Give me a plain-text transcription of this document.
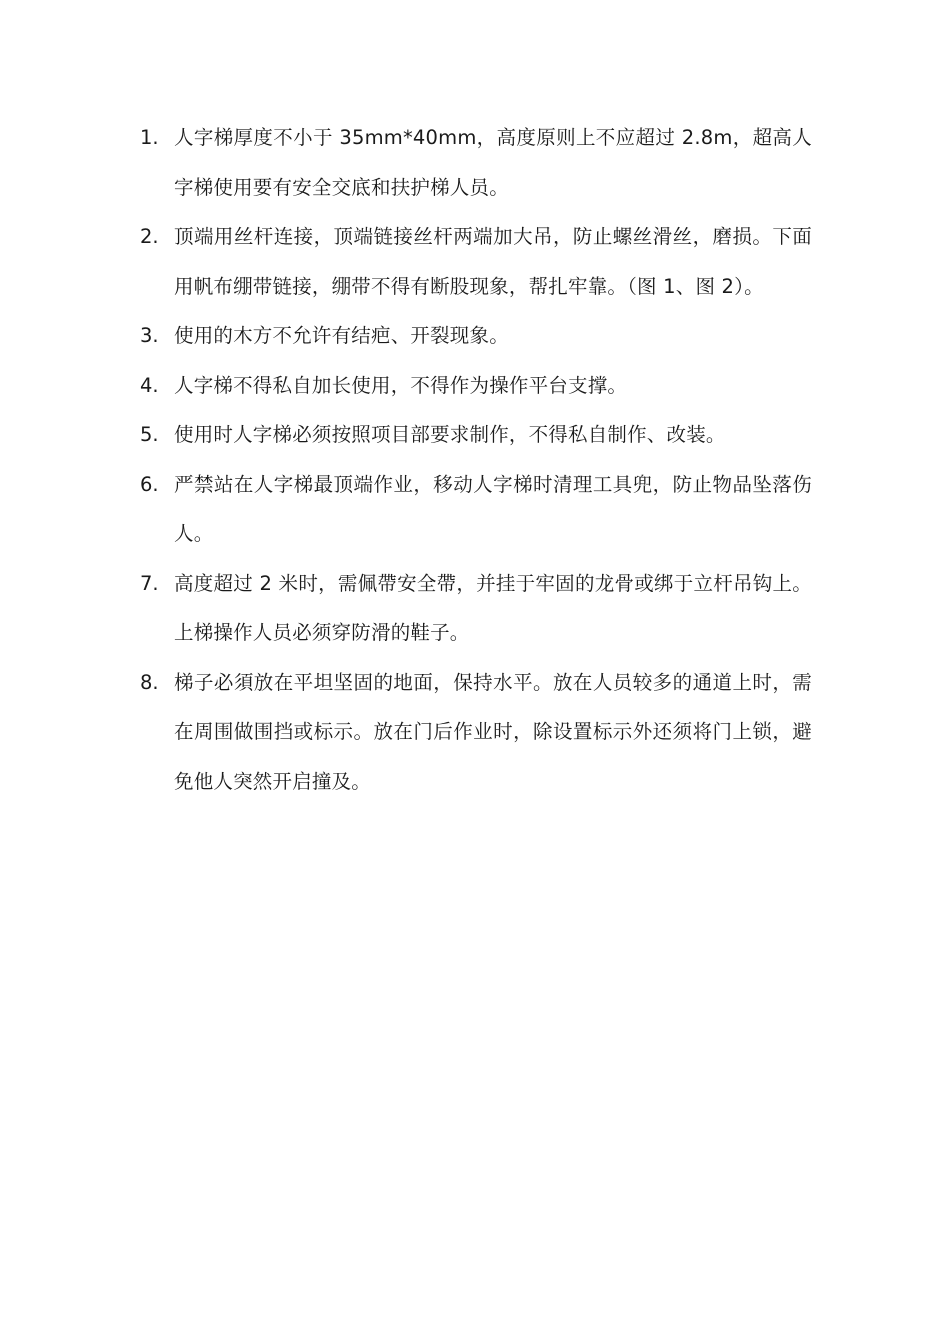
1. 人字梯厚度不小于 35mm*40mm，高度原则上不应超过 2.8m，超高人字梯使用要有安全交底和扶护梯人员。
2. 顶端用丝杆连接，顶端链接丝杆两端加大吊，防止螺丝滑丝，磨损。下面用帆布绷带链接，绷带不得有断股现象，帮扎牢靠。（图 1、图 2）。
3. 使用的木方不允许有结疤、开裂现象。
4. 人字梯不得私自加长使用，不得作为操作平台支撑。
5. 使用时人字梯必须按照项目部要求制作，不得私自制作、改装。
6. 严禁站在人字梯最顶端作业，移动人字梯时清理工具兜，防止物品坠落伤人。
7. 高度超过 2 米时，需佩帶安全帶，并挂于牢固的龙骨或绑于立杆吊钩上。上梯操作人员必须穿防滑的鞋子。
8. 梯子必須放在平坦坚固的地面，保持水平。放在人员较多的通道上时，需在周围做围挡或标示。放在门后作业时，除设置标示外还须将门上锁，避免他人突然开启撞及。
